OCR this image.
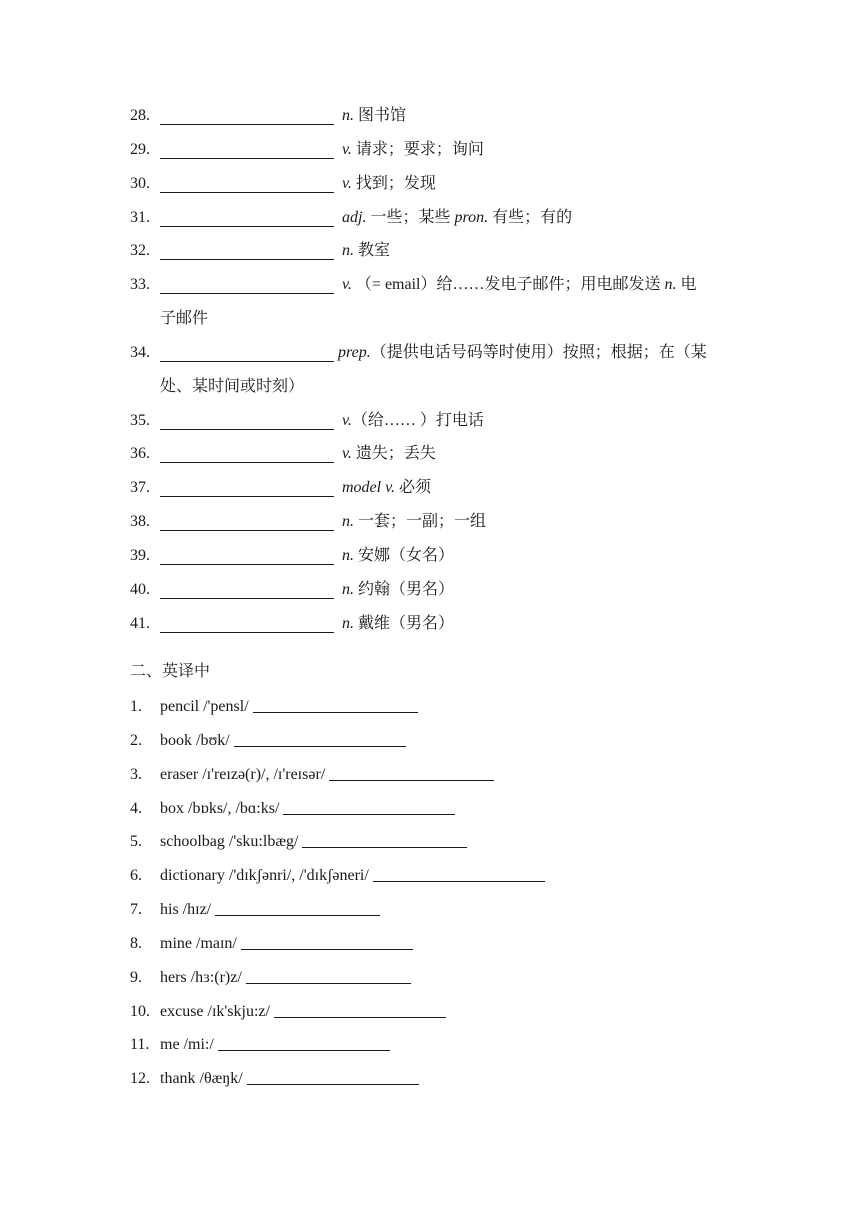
28.	n. 图书馆
29.	v. 请求；要求；询问
30.	v. 找到；发现
31.	adj. 一些；某些 pron. 有些；有的
32.	n. 教室
33.	v. （= email）给……发电子邮件；用电邮发送 n. 电
子邮件
34.	prep.（提供电话号码等时使用）按照；根据；在（某
处、某时间或时刻）
35.	v.（给…… ）打电话
36.	v. 遗失；丢失
37.	model v. 必须
38.	n. 一套；一副；一组
39.	n. 安娜（女名）
40.	n. 约翰（男名）
41.	n. 戴维（男名）
二、英译中
1. pencil /'pensl/
2. book /bʊk/
3. eraser /ɪ'reɪzə(r)/, /ɪ'reɪsər/
4. box /bɒks/, /bɑ:ks/
5. schoolbag /'sku:lbæg/
6. dictionary /'dɪkʃənri/, /'dɪkʃəneri/
7. his /hɪz/
8. mine /maɪn/
9. hers /hɜ:(r)z/
10. excuse /ɪk'skju:z/
11. me /mi:/
12. thank /θæŋk/
